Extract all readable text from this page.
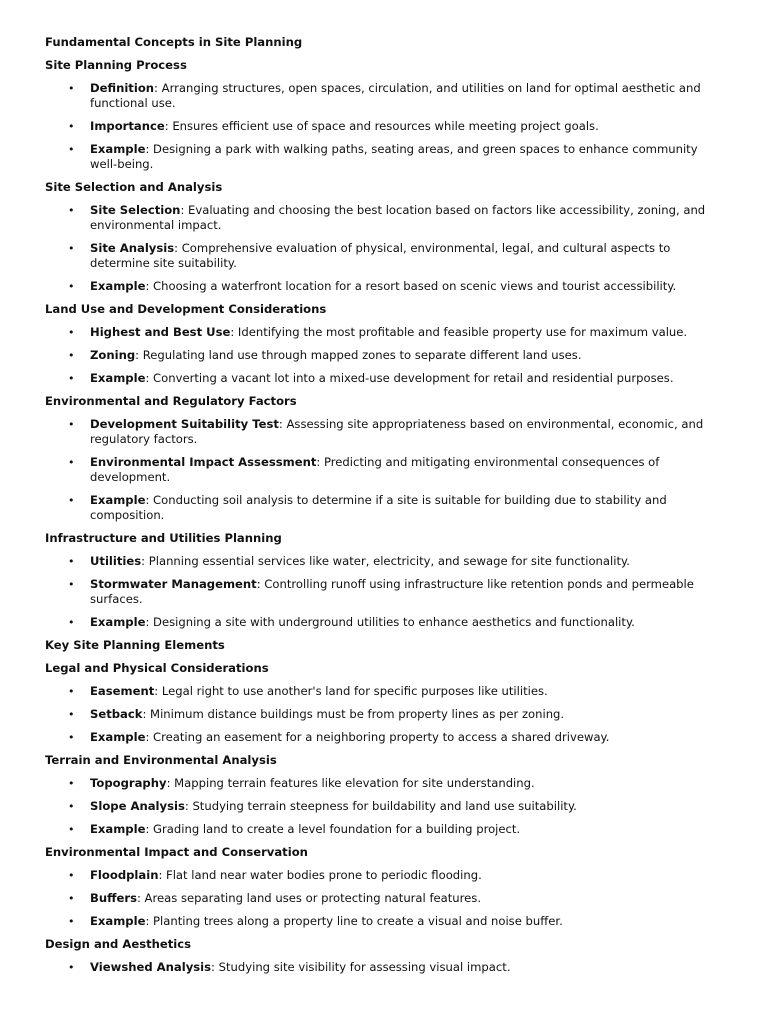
Fundamental Concepts in Site Planning
Site Planning Process
• Definition: Arranging structures, open spaces, circulation, and utilities on land for optimal aesthetic and functional use.
• Importance: Ensures efficient use of space and resources while meeting project goals.
• Example: Designing a park with walking paths, seating areas, and green spaces to enhance community well-being.
Site Selection and Analysis
• Site Selection: Evaluating and choosing the best location based on factors like accessibility, zoning, and environmental impact.
• Site Analysis: Comprehensive evaluation of physical, environmental, legal, and cultural aspects to determine site suitability.
• Example: Choosing a waterfront location for a resort based on scenic views and tourist accessibility.
Land Use and Development Considerations
• Highest and Best Use: Identifying the most profitable and feasible property use for maximum value.
• Zoning: Regulating land use through mapped zones to separate different land uses.
• Example: Converting a vacant lot into a mixed-use development for retail and residential purposes.
Environmental and Regulatory Factors
• Development Suitability Test: Assessing site appropriateness based on environmental, economic, and regulatory factors.
• Environmental Impact Assessment: Predicting and mitigating environmental consequences of development.
• Example: Conducting soil analysis to determine if a site is suitable for building due to stability and composition.
Infrastructure and Utilities Planning
• Utilities: Planning essential services like water, electricity, and sewage for site functionality.
• Stormwater Management: Controlling runoff using infrastructure like retention ponds and permeable surfaces.
• Example: Designing a site with underground utilities to enhance aesthetics and functionality.
Key Site Planning Elements
Legal and Physical Considerations
• Easement: Legal right to use another's land for specific purposes like utilities.
• Setback: Minimum distance buildings must be from property lines as per zoning.
• Example: Creating an easement for a neighboring property to access a shared driveway.
Terrain and Environmental Analysis
• Topography: Mapping terrain features like elevation for site understanding.
• Slope Analysis: Studying terrain steepness for buildability and land use suitability.
• Example: Grading land to create a level foundation for a building project.
Environmental Impact and Conservation
• Floodplain: Flat land near water bodies prone to periodic flooding.
• Buffers: Areas separating land uses or protecting natural features.
• Example: Planting trees along a property line to create a visual and noise buffer.
Design and Aesthetics
• Viewshed Analysis: Studying site visibility for assessing visual impact.
